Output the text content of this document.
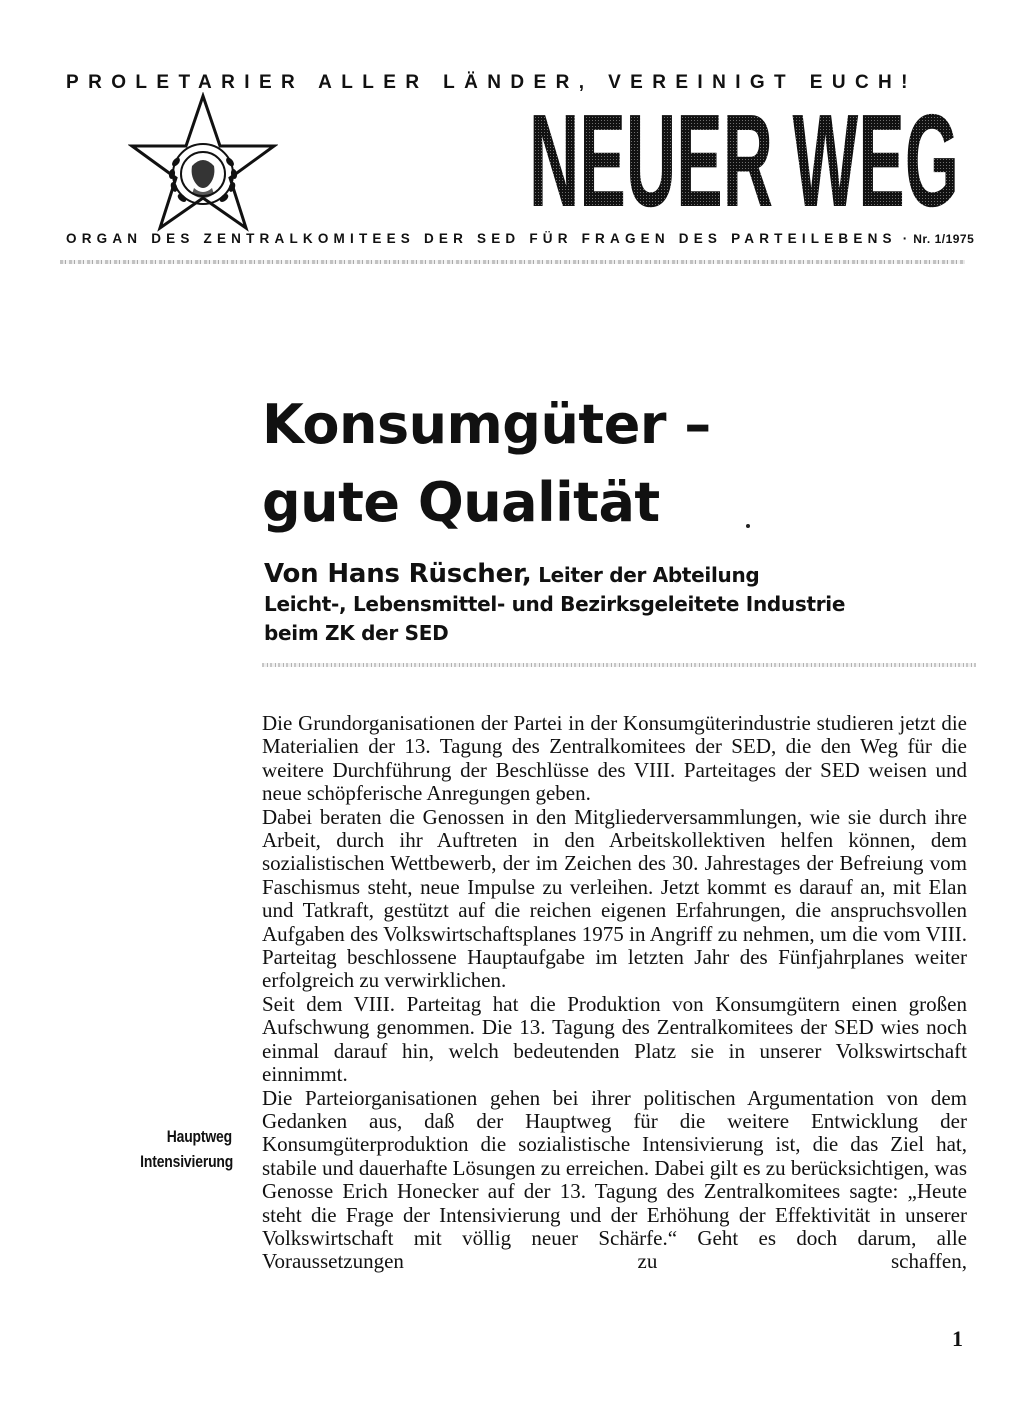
PROLETARIER ALLER LÄNDER, VEREINIGT EUCH!
NEUER WEG
ORGAN DES ZENTRALKOMITEES DER SED FÜR FRAGEN DES PARTEILEBENS · Nr. 1/1975
Konsumgüter –
gute Qualität
Von Hans Rüscher, Leiter der Abteilung
Leicht-, Lebensmittel- und Bezirksgeleitete Industrie
beim ZK der SED

Die Grundorganisationen der Partei in der Konsumgüterindustrie studieren jetzt die Materialien der 13. Tagung des Zentralkomitees der SED, die den Weg für die weitere Durchführung der Beschlüsse des VIII. Parteitages der SED weisen und neue schöpferische Anregungen geben.

Dabei beraten die Genossen in den Mitgliederversammlungen, wie sie durch ihre Arbeit, durch ihr Auftreten in den Arbeitskollektiven helfen können, dem sozialistischen Wettbewerb, der im Zeichen des 30. Jahrestages der Befreiung vom Faschismus steht, neue Impulse zu verleihen. Jetzt kommt es darauf an, mit Elan und Tatkraft, gestützt auf die reichen eigenen Erfahrungen, die anspruchsvollen Aufgaben des Volkswirtschaftsplanes 1975 in Angriff zu nehmen, um die vom VIII. Parteitag beschlossene Hauptaufgabe im letzten Jahr des Fünfjahrplanes weiter erfolgreich zu verwirklichen.

Seit dem VIII. Parteitag hat die Produktion von Konsumgütern einen großen Aufschwung genommen. Die 13. Tagung des Zentralkomitees der SED wies noch einmal darauf hin, welch bedeutenden Platz sie in unserer Volkswirtschaft einnimmt.

Die Parteiorganisationen gehen bei ihrer politischen Argumentation von dem Gedanken aus, daß der Hauptweg für die weitere Entwicklung der Konsumgüterproduktion die sozialistische Intensivierung ist, die das Ziel hat, stabile und dauerhafte Lösungen zu erreichen. Dabei gilt es zu berücksichtigen, was Genosse Erich Honecker auf der 13. Tagung des Zentralkomitees sagte: „Heute steht die Frage der Intensivierung und der Erhöhung der Effektivität in unserer Volkswirtschaft mit völlig neuer Schärfe.“ Geht es doch darum, alle Voraussetzungen zu schaffen,

Hauptweg
Intensivierung
1
